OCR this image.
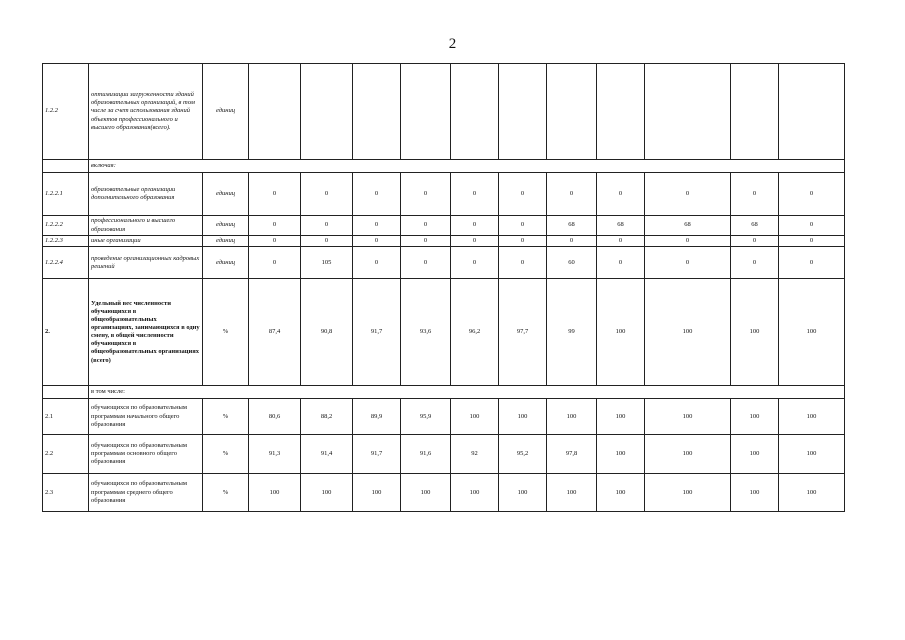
2
1.2.2	оптимизации загруженности зданий образовательных организаций, в том числе за счет использования зданий объектов профессионального и высшего образования(всего).	единиц											
	включая:												
1.2.2.1	образовательные организации дополнительного образования	единиц	0	0	0	0	0	0	0	0	0	0	0
1.2.2.2	профессионального и высшего образования	единиц	0	0	0	0	0	0	68	68	68	68	0
1.2.2.3	иные организации	единиц	0	0	0	0	0	0	0	0	0	0	0
1.2.2.4	проведение организационных кадровых решений	единиц	0	105	0	0	0	0	60	0	0	0	0
2.	Удельный вес численности обучающихся в общеобразовательных организациях, занимающихся в одну смену, в общей численности обучающихся в общеобразовательных организациях (всего)	%	87,4	90,8	91,7	93,6	96,2	97,7	99	100	100	100	100
	в том числе:												
2.1	обучающихся по образовательным программам начального общего образования	%	80,6	88,2	89,9	95,9	100	100	100	100	100	100	100
2.2	обучающихся по образовательным программам основного общего образования	%	91,3	91,4	91,7	91,6	92	95,2	97,8	100	100	100	100
2.3	обучающихся по образовательным программам среднего общего образования	%	100	100	100	100	100	100	100	100	100	100	100
